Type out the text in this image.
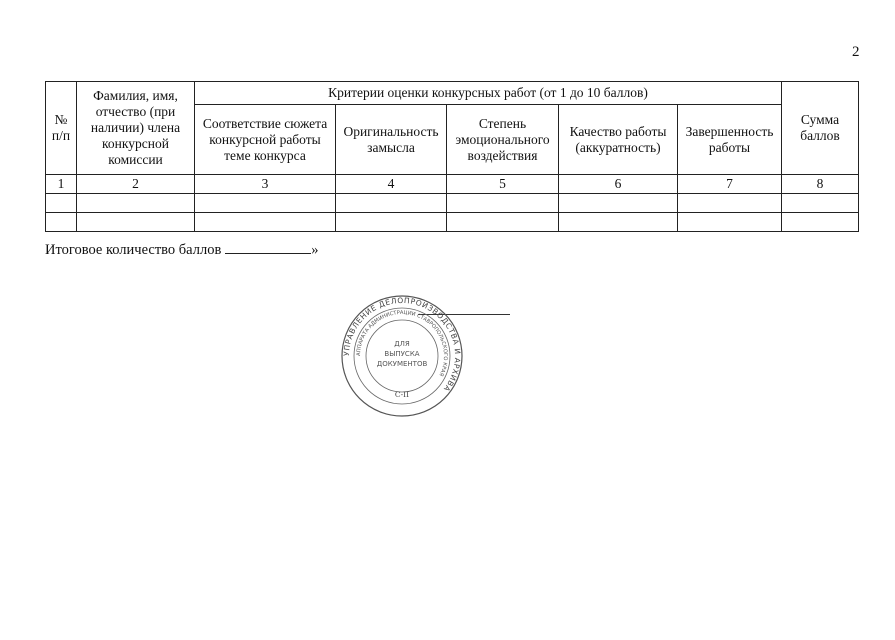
2
№ п/п	Фамилия, имя, отчество (при наличии) члена конкурсной комиссии	Критерии оценки конкурсных работ (от 1 до 10 баллов)					Сумма баллов
		Соответствие сюжета конкурсной работы теме конкурса	Оригинальность замысла	Степень эмоционального воздействия	Качество работы (аккуратность)	Завершенность работы	
1	2	3	4	5	6	7	8

Итоговое количество баллов	»
УПРАВЛЕНИЕ ДЕЛОПРОИЗВОДСТВА И АРХИВА
АППАРАТА АДМИНИСТРАЦИИ СТАВРОПОЛЬСКОГО КРАЯ
ДЛЯ
ВЫПУСКА
ДОКУМЕНТОВ
С-II
